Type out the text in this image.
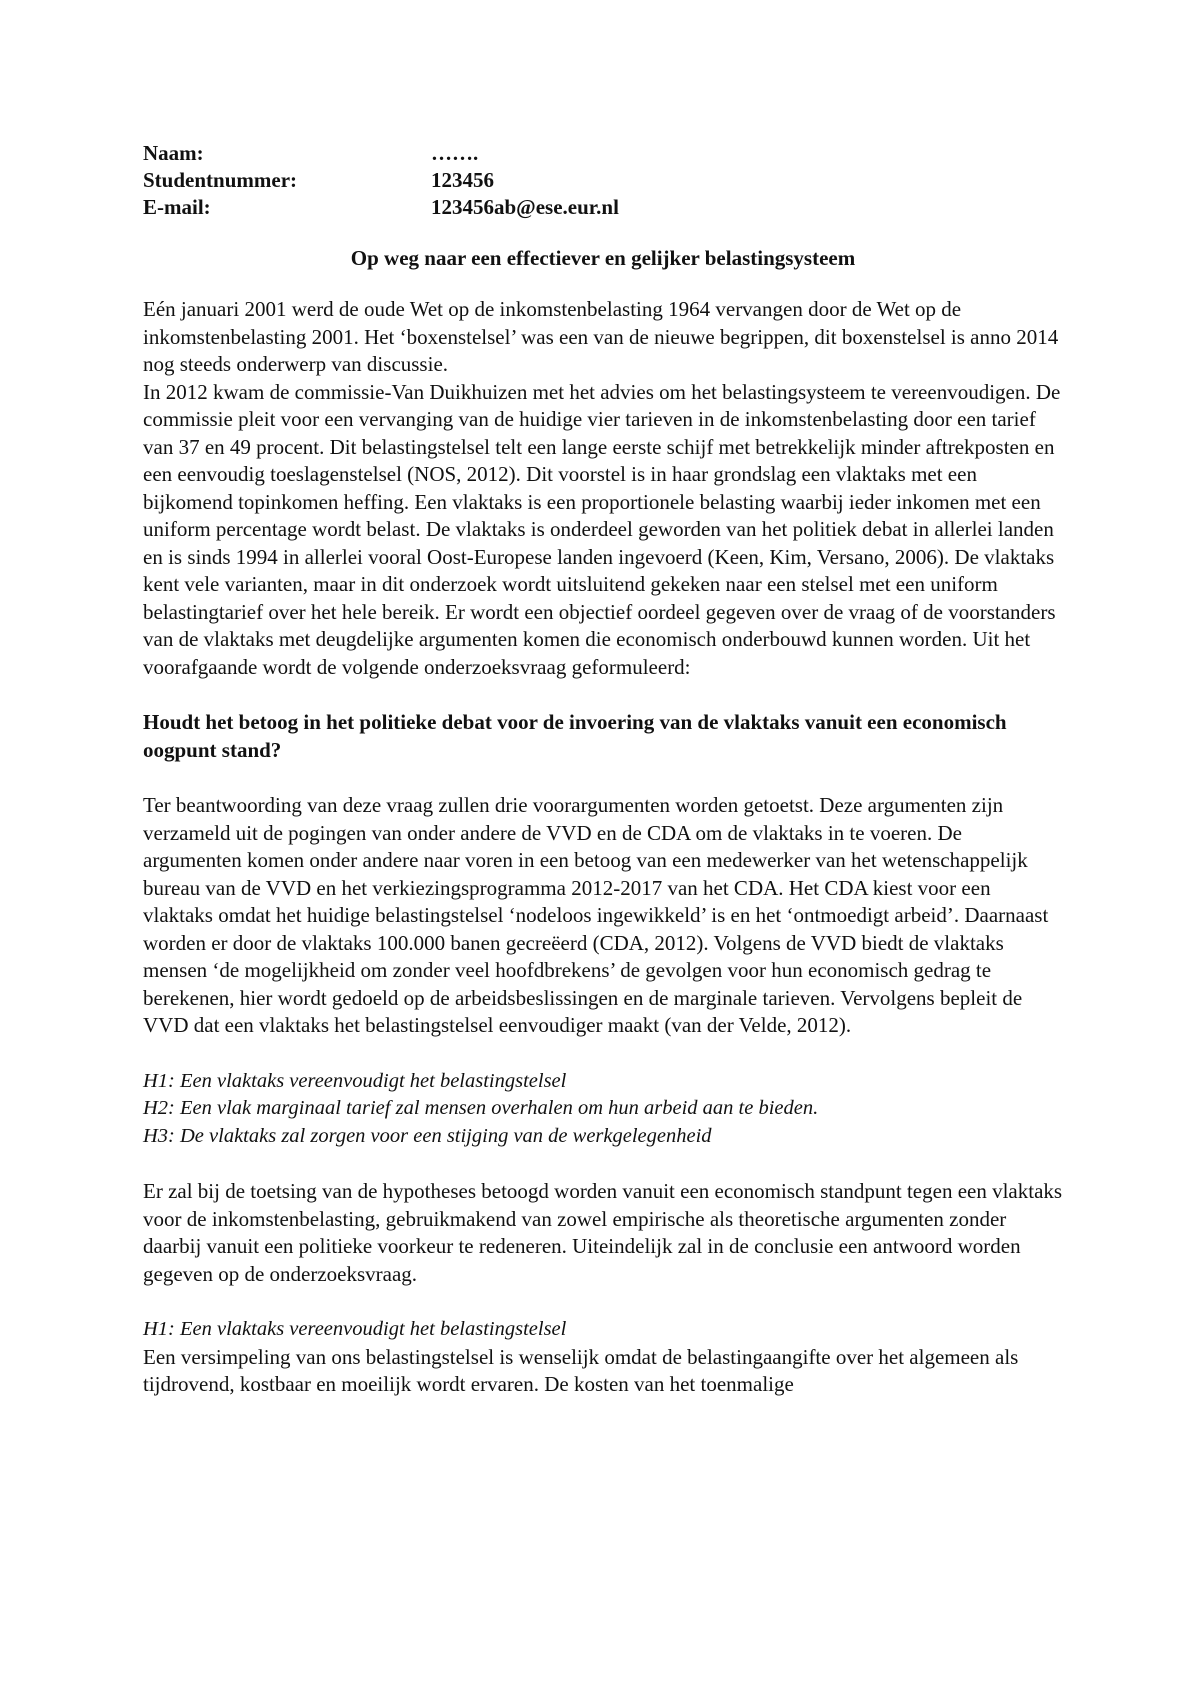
Naam:	…….
Studentnummer:	123456
E-mail:	123456ab@ese.eur.nl
Op weg naar een effectiever en gelijker belastingsysteem

Eén januari 2001 werd de oude Wet op de inkomstenbelasting 1964 vervangen door de Wet op de inkomstenbelasting 2001. Het ‘boxenstelsel’ was een van de nieuwe begrippen, dit boxenstelsel is anno 2014 nog steeds onderwerp van discussie.

In 2012 kwam de commissie-Van Duikhuizen met het advies om het belastingsysteem te vereenvoudigen. De commissie pleit voor een vervanging van de huidige vier tarieven in de inkomstenbelasting door een tarief van 37 en 49 procent. Dit belastingstelsel telt een lange eerste schijf met betrekkelijk minder aftrekposten en een eenvoudig toeslagenstelsel (NOS, 2012). Dit voorstel is in haar grondslag een vlaktaks met een bijkomend topinkomen heffing. Een vlaktaks is een proportionele belasting waarbij ieder inkomen met een uniform percentage wordt belast. De vlaktaks is onderdeel geworden van het politiek debat in allerlei landen en is sinds 1994 in allerlei vooral Oost-Europese landen ingevoerd (Keen, Kim, Versano, 2006). De vlaktaks kent vele varianten, maar in dit onderzoek wordt uitsluitend gekeken naar een stelsel met een uniform belastingtarief over het hele bereik. Er wordt een objectief oordeel gegeven over de vraag of de voorstanders van de vlaktaks met deugdelijke argumenten komen die economisch onderbouwd kunnen worden. Uit het voorafgaande wordt de volgende onderzoeksvraag geformuleerd:

Houdt het betoog in het politieke debat voor de invoering van de vlaktaks vanuit een economisch oogpunt stand?

Ter beantwoording van deze vraag zullen drie voorargumenten worden getoetst. Deze argumenten zijn verzameld uit de pogingen van onder andere de VVD en de CDA om de vlaktaks in te voeren. De argumenten komen onder andere naar voren in een betoog van een medewerker van het wetenschappelijk bureau van de VVD en het verkiezingsprogramma 2012-2017 van het CDA. Het CDA kiest voor een vlaktaks omdat het huidige belastingstelsel ‘nodeloos ingewikkeld’ is en het ‘ontmoedigt arbeid’. Daarnaast worden er door de vlaktaks 100.000 banen gecreëerd (CDA, 2012). Volgens de VVD biedt de vlaktaks mensen ‘de mogelijkheid om zonder veel hoofdbrekens’ de gevolgen voor hun economisch gedrag te berekenen, hier wordt gedoeld op de arbeidsbeslissingen en de marginale tarieven. Vervolgens bepleit de VVD dat een vlaktaks het belastingstelsel eenvoudiger maakt (van der Velde, 2012).

H1: Een vlaktaks vereenvoudigt het belastingstelsel
H2: Een vlak marginaal tarief zal mensen overhalen om hun arbeid aan te bieden.
H3: De vlaktaks zal zorgen voor een stijging van de werkgelegenheid

Er zal bij de toetsing van de hypotheses betoogd worden vanuit een economisch standpunt tegen een vlaktaks voor de inkomstenbelasting, gebruikmakend van zowel empirische als theoretische argumenten zonder daarbij vanuit een politieke voorkeur te redeneren. Uiteindelijk zal in de conclusie een antwoord worden gegeven op de onderzoeksvraag.

H1: Een vlaktaks vereenvoudigt het belastingstelsel

Een versimpeling van ons belastingstelsel is wenselijk omdat de belastingaangifte over het algemeen als tijdrovend, kostbaar en moeilijk wordt ervaren. De kosten van het toenmalige
